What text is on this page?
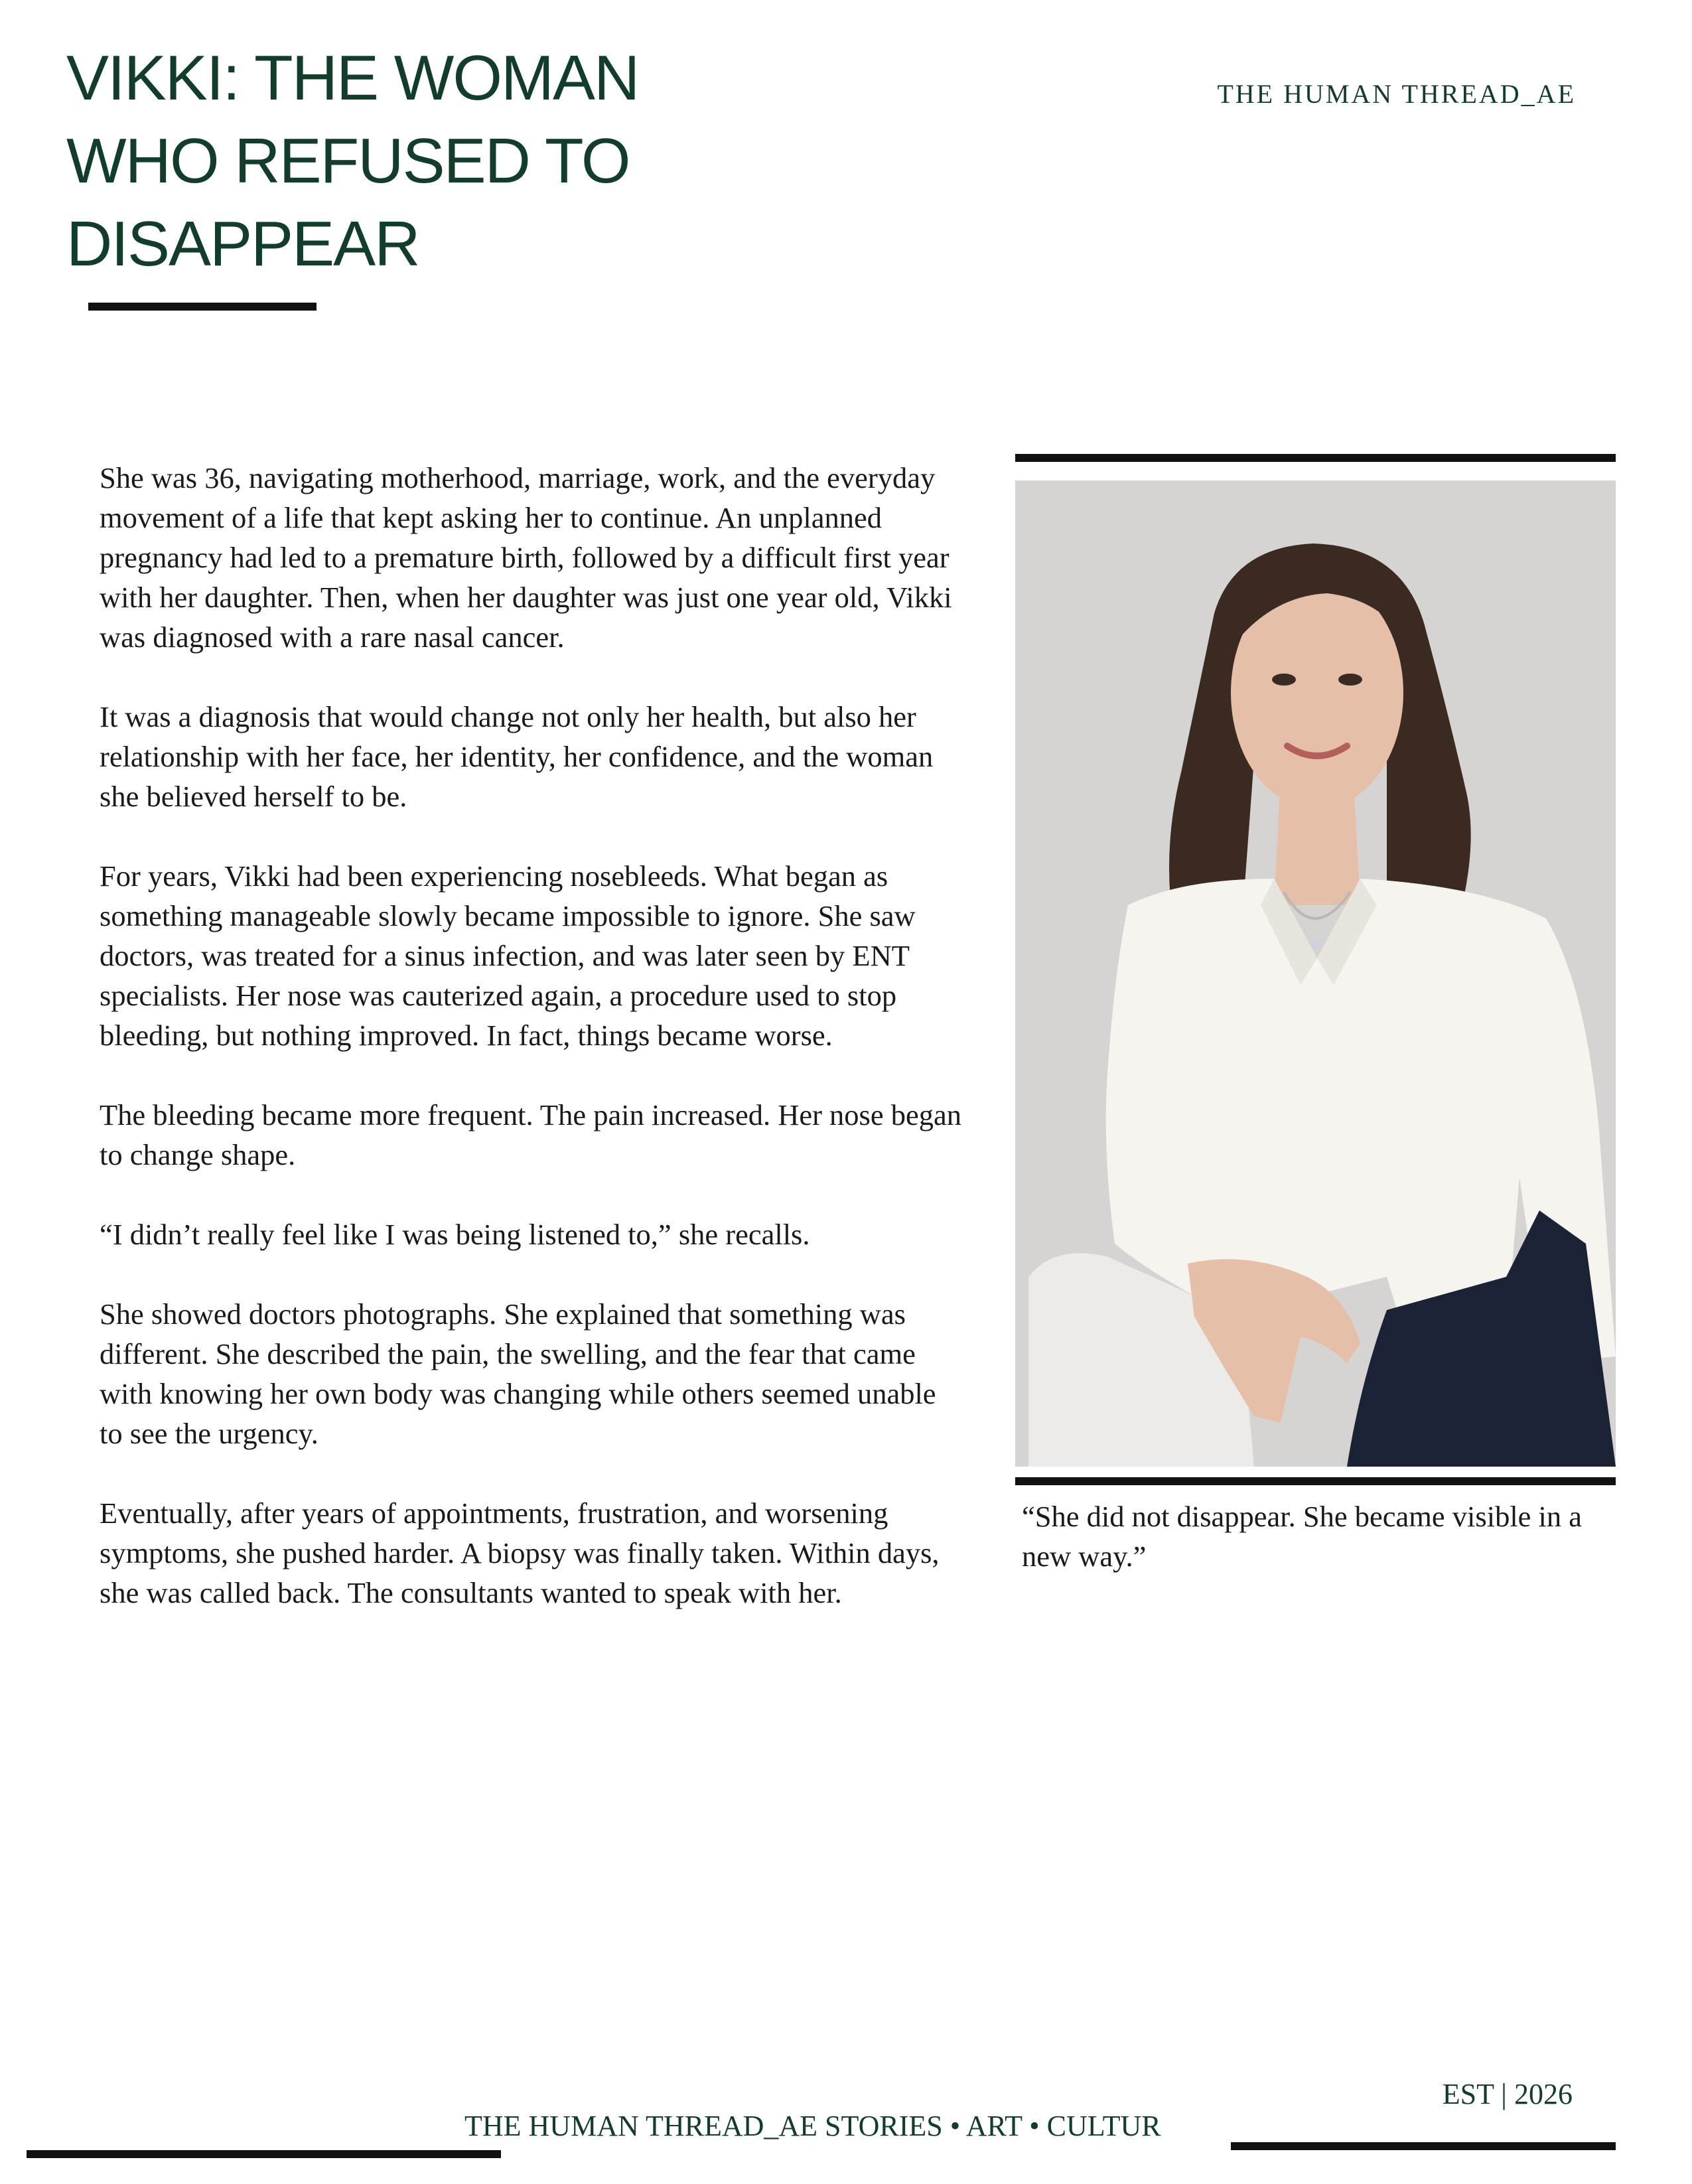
VIKKI: THE WOMAN
WHO REFUSED TO
DISAPPEAR
THE HUMAN THREAD_AE

She was 36, navigating motherhood, marriage, work, and the everyday movement of a life that kept asking her to continue. An unplanned pregnancy had led to a premature birth, followed by a difficult first year with her daughter. Then, when her daughter was just one year old, Vikki was diagnosed with a rare nasal cancer.

It was a diagnosis that would change not only her health, but also her relationship with her face, her identity, her confidence, and the woman she believed herself to be.

For years, Vikki had been experiencing nosebleeds. What began as something manageable slowly became impossible to ignore. She saw doctors, was treated for a sinus infection, and was later seen by ENT specialists. Her nose was cauterized again, a procedure used to stop bleeding, but nothing improved. In fact, things became worse.

The bleeding became more frequent. The pain increased. Her nose began to change shape.

“I didn’t really feel like I was being listened to,” she recalls.

She showed doctors photographs. She explained that something was different. She described the pain, the swelling, and the fear that came with knowing her own body was changing while others seemed unable to see the urgency.

Eventually, after years of appointments, frustration, and worsening symptoms, she pushed harder. A biopsy was finally taken. Within days, she was called back. The consultants wanted to speak with her.

“She did not disappear. She became visible in a new way.”

EST | 2026
THE HUMAN THREAD_AE STORIES • ART • CULTUR
